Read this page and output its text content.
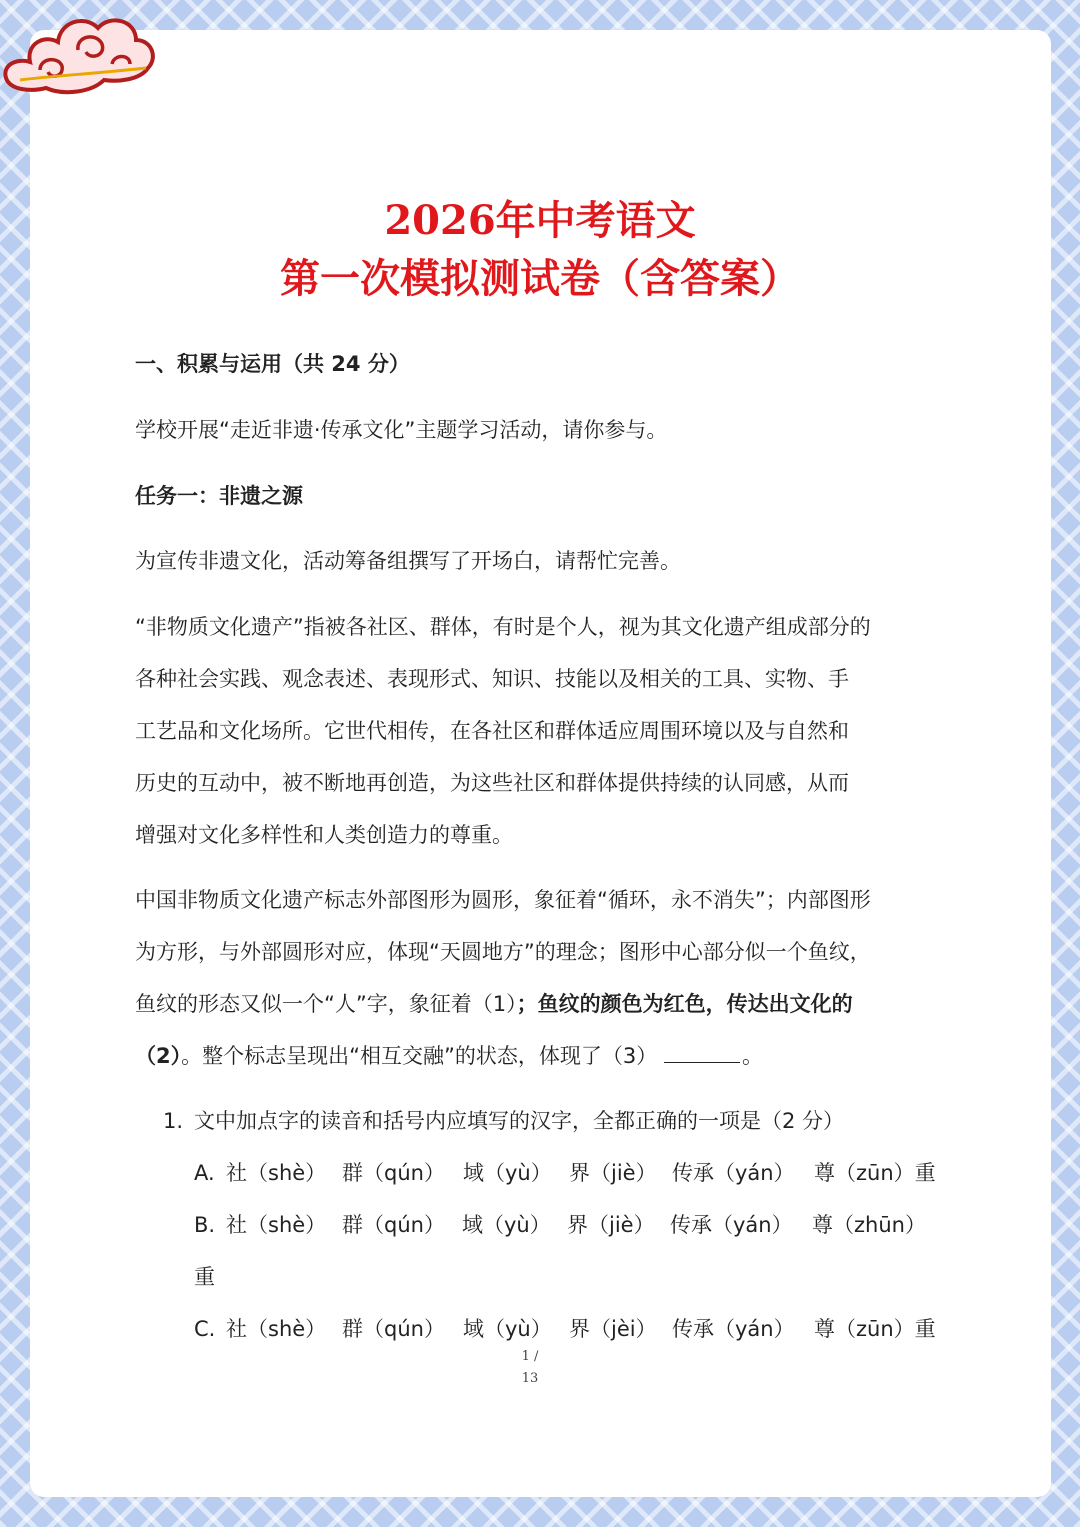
2026年中考语文
第一次模拟测试卷（含答案）

一、积累与运用（共 24 分）

学校开展“走近非遗·传承文化”主题学习活动，请你参与。

任务一：非遗之源

为宣传非遗文化，活动筹备组撰写了开场白，请帮忙完善。

“非物质文化遗产”指被各社区、群体，有时是个人，视为其文化遗产组成部分的

各种社会实践、观念表述、表现形式、知识、技能以及相关的工具、实物、手

工艺品和文化场所。它世代相传，在各社区和群体适应周围环境以及与自然和

历史的互动中，被不断地再创造，为这些社区和群体提供持续的认同感，从而

增强对文化多样性和人类创造力的尊重。

中国非物质文化遗产标志外部图形为圆形，象征着“循环，永不消失”；内部图形

为方形，与外部圆形对应，体现“天圆地方”的理念；图形中心部分似一个鱼纹，

鱼纹的形态又似一个“人”字，象征着（1）；鱼纹的颜色为红色，传达出文化的

（2）。整个标志呈现出“相互交融”的状态，体现了（3）	。

1. 文中加点字的读音和括号内应填写的汉字，全都正确的一项是（2 分）

A. 社（shè） 群（qún） 域（yù） 界（jiè） 传承（yán） 尊（zūn）重

B. 社（shè） 群（qún） 域（yù） 界（jiè） 传承（yán） 尊（zhūn）

重

C. 社（shè） 群（qún） 域（yù） 界（jèi） 传承（yán） 尊（zūn）重

1 /
13
